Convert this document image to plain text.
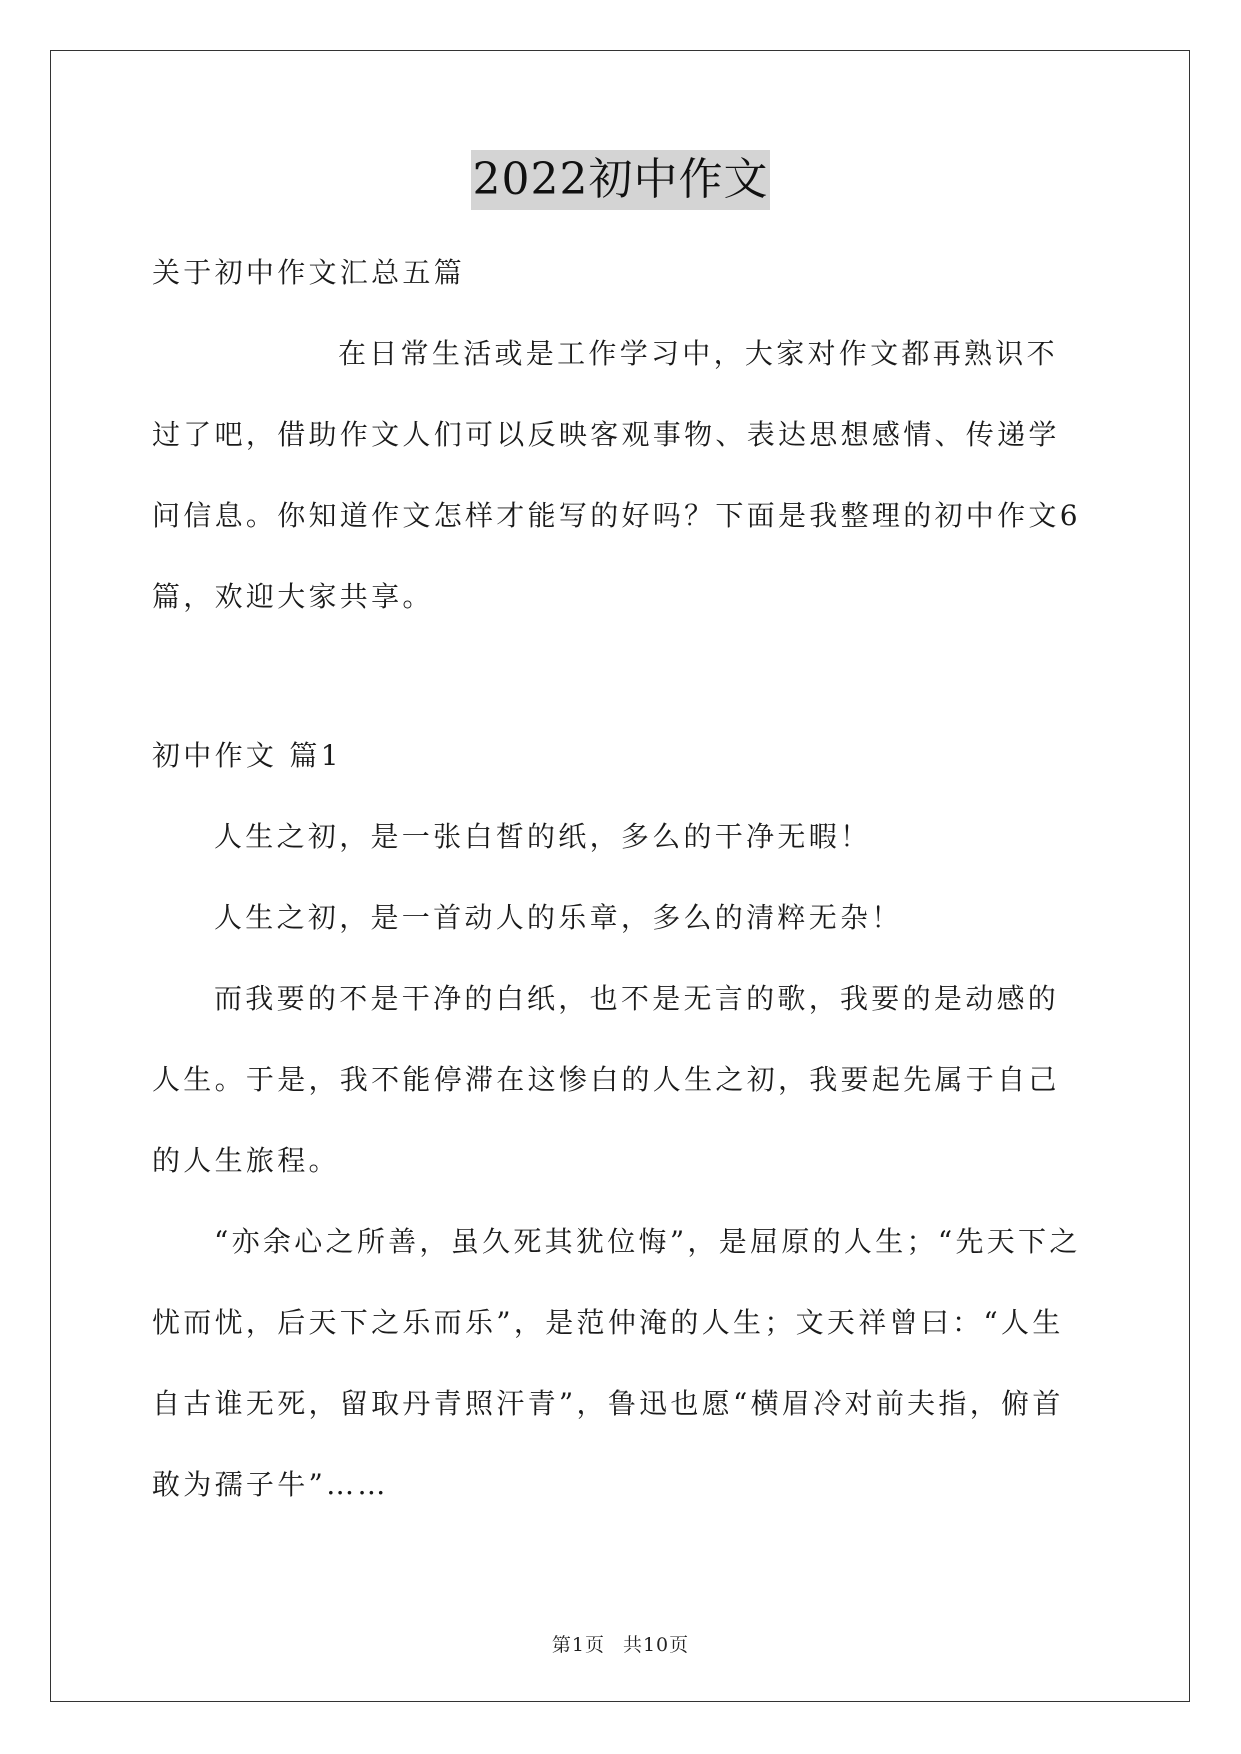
2022初中作文

关于初中作文汇总五篇

在日常生活或是工作学习中，大家对作文都再熟识不过了吧，借助作文人们可以反映客观事物、表达思想感情、传递学问信息。你知道作文怎样才能写的好吗？下面是我整理的初中作文6篇，欢迎大家共享。

初中作文 篇1

人生之初，是一张白皙的纸，多么的干净无暇！

人生之初，是一首动人的乐章，多么的清粹无杂！

而我要的不是干净的白纸，也不是无言的歌，我要的是动感的人生。于是，我不能停滞在这惨白的人生之初，我要起先属于自己的人生旅程。

“亦余心之所善，虽久死其犹位悔”，是屈原的人生；“先天下之忧而忧，后天下之乐而乐”，是范仲淹的人生；文天祥曾曰：“人生自古谁无死，留取丹青照汗青”，鲁迅也愿“横眉冷对前夫指，俯首敢为孺子牛”……

第1页 共10页
